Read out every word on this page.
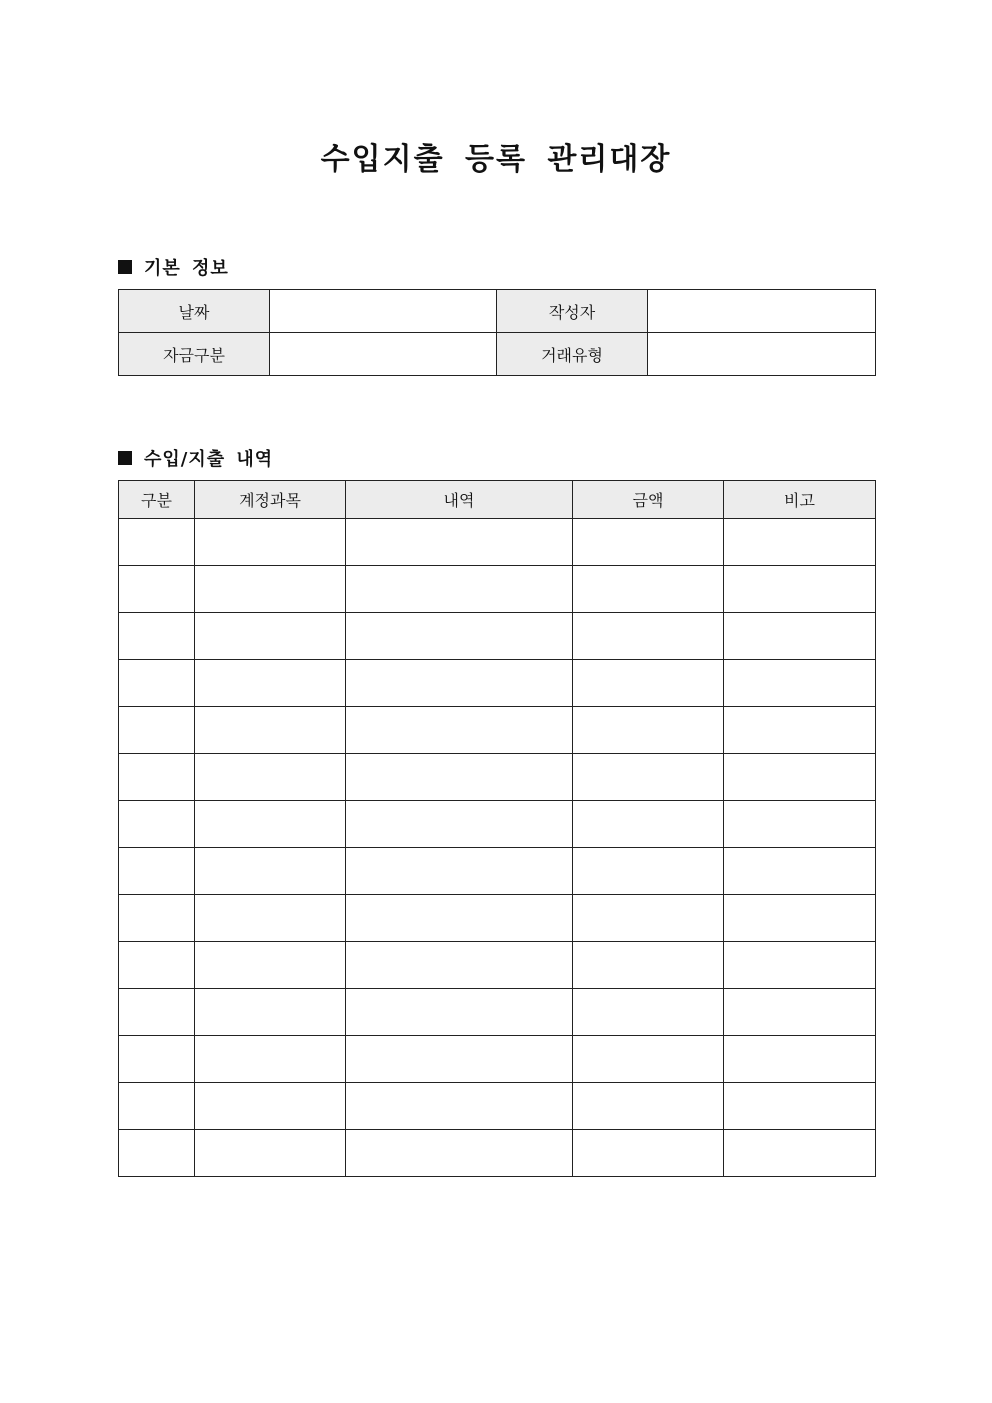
수입지출 등록 관리대장
기본 정보
날짜		작성자	
자금구분		거래유형	
수입/지출 내역
구분	계정과목	내역	금액	비고
